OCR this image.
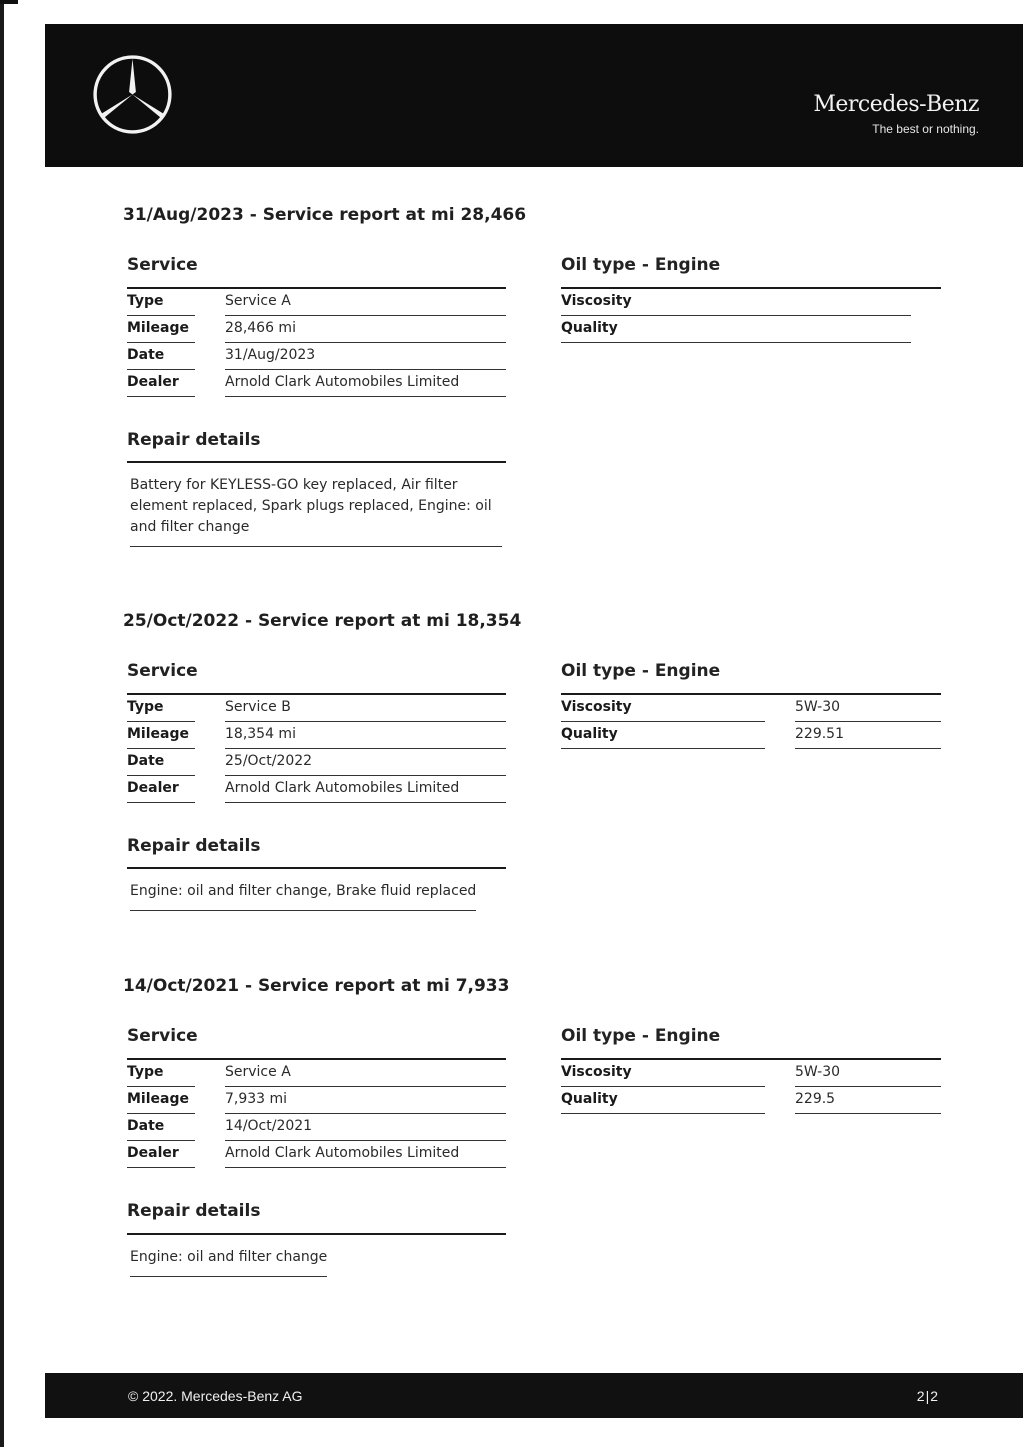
Mercedes-Benz
The best or nothing.
31/Aug/2023 - Service report at mi 28,466
Service
Type	Service A
Mileage	28,466 mi
Date	31/Aug/2023
Dealer	Arnold Clark Automobiles Limited
Oil type - Engine
Viscosity
Quality
Repair details
Battery for KEYLESS-GO key replaced, Air filter element replaced, Spark plugs replaced, Engine: oil and filter change
25/Oct/2022 - Service report at mi 18,354
Service
Type	Service B
Mileage	18,354 mi
Date	25/Oct/2022
Dealer	Arnold Clark Automobiles Limited
Oil type - Engine
Viscosity	5W-30
Quality	229.51
Repair details
Engine: oil and filter change, Brake fluid replaced
14/Oct/2021 - Service report at mi 7,933
Service
Type	Service A
Mileage	7,933 mi
Date	14/Oct/2021
Dealer	Arnold Clark Automobiles Limited
Oil type - Engine
Viscosity	5W-30
Quality	229.5
Repair details
Engine: oil and filter change
© 2022. Mercedes-Benz AG	2|2
